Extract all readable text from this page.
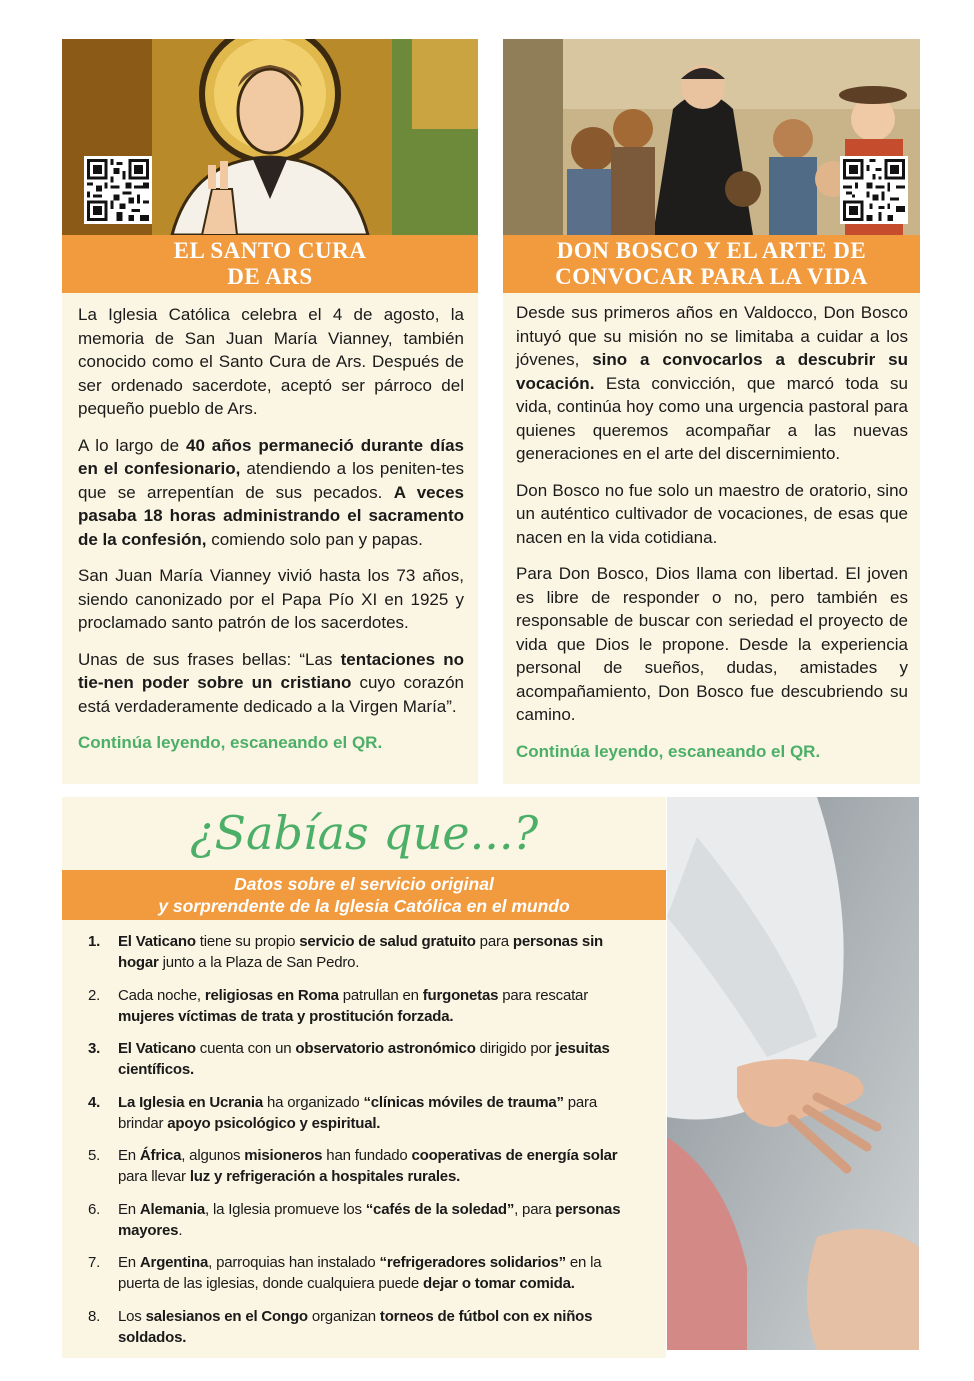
EL SANTO CURA
DE ARS

La Iglesia Católica celebra el 4 de agosto, la memoria de San Juan María Vianney, también conocido como el Santo Cura de Ars. Después de ser ordenado sacerdote, aceptó ser párroco del pequeño pueblo de Ars.

A lo largo de 40 años permaneció durante días en el confesionario, atendiendo a los peniten-tes que se arrepentían de sus pecados. A veces pasaba 18 horas administrando el sacramento de la confesión, comiendo solo pan y papas.

San Juan María Vianney vivió hasta los 73 años, siendo canonizado por el Papa Pío XI en 1925 y proclamado santo patrón de los sacerdotes.

Unas de sus frases bellas: “Las tentaciones no tie-nen poder sobre un cristiano cuyo corazón está verdaderamente dedicado a la Virgen María”.

Continúa leyendo, escaneando el QR.

DON BOSCO Y EL ARTE DE
CONVOCAR PARA LA VIDA

Desde sus primeros años en Valdocco, Don Bosco intuyó que su misión no se limitaba a cuidar a los jóvenes, sino a convocarlos a descubrir su vocación. Esta convicción, que marcó toda su vida, continúa hoy como una urgencia pastoral para quienes queremos acompañar a las nuevas generaciones en el arte del discernimiento.

Don Bosco no fue solo un maestro de oratorio, sino un auténtico cultivador de vocaciones, de esas que nacen en la vida cotidiana.

Para Don Bosco, Dios llama con libertad. El joven es libre de responder o no, pero también es responsable de buscar con seriedad el proyecto de vida que Dios le propone. Desde la experiencia personal de sueños, dudas, amistades y acompañamiento, Don Bosco fue descubriendo su camino.

Continúa leyendo, escaneando el QR.

¿Sabías que...?
Datos sobre el servicio original
y sorprendente de la Iglesia Católica en el mundo
1. El Vaticano tiene su propio servicio de salud gratuito para personas sin hogar junto a la Plaza de San Pedro.
2. Cada noche, religiosas en Roma patrullan en furgonetas para rescatar mujeres víctimas de trata y prostitución forzada.
3. El Vaticano cuenta con un observatorio astronómico dirigido por jesuitas científicos.
4. La Iglesia en Ucrania ha organizado “clínicas móviles de trauma” para brindar apoyo psicológico y espiritual.
5. En África, algunos misioneros han fundado cooperativas de energía solar para llevar luz y refrigeración a hospitales rurales.
6. En Alemania, la Iglesia promueve los “cafés de la soledad”, para personas mayores.
7. En Argentina, parroquias han instalado “refrigeradores solidarios” en la puerta de las iglesias, donde cualquiera puede dejar o tomar comida.
8. Los salesianos en el Congo organizan torneos de fútbol con ex niños soldados.
